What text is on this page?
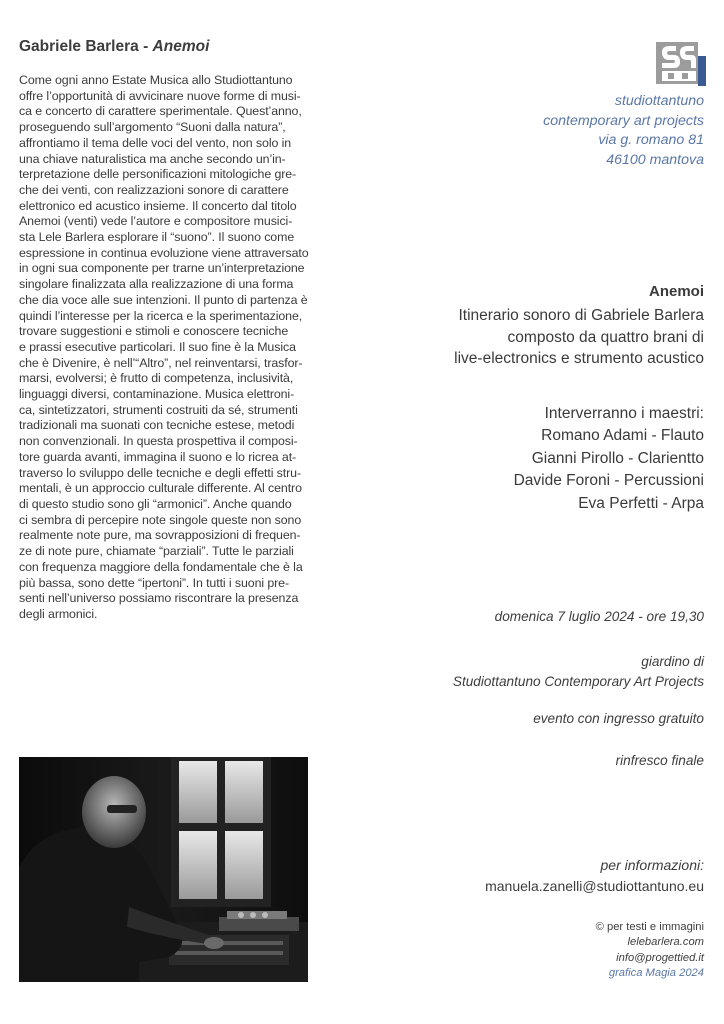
Gabriele Barlera - Anemoi

Come ogni anno Estate Musica allo Studiottantuno
offre l’opportunità di avvicinare nuove forme di musi-
ca e concerto di carattere sperimentale. Quest’anno,
proseguendo sull’argomento “Suoni dalla natura”,
affrontiamo il tema delle voci del vento, non solo in
una chiave naturalistica ma anche secondo un’in-
terpretazione delle personificazioni mitologiche gre-
che dei venti, con realizzazioni sonore di carattere
elettronico ed acustico insieme. Il concerto dal titolo
Anemoi (venti) vede l’autore e compositore musici-
sta Lele Barlera esplorare il “suono”. Il suono come
espressione in continua evoluzione viene attraversato
in ogni sua componente per trarne un’interpretazione
singolare finalizzata alla realizzazione di una forma
che dia voce alle sue intenzioni. Il punto di partenza è
quindi l’interesse per la ricerca e la sperimentazione,
trovare suggestioni e stimoli e conoscere tecniche
e prassi esecutive particolari. Il suo fine è la Musica
che è Divenire, è nell’“Altro”, nel reinventarsi, trasfor-
marsi, evolversi; è frutto di competenza, inclusività,
linguaggi diversi, contaminazione. Musica elettroni-
ca, sintetizzatori, strumenti costruiti da sé, strumenti
tradizionali ma suonati con tecniche estese, metodi
non convenzionali. In questa prospettiva il composi-
tore guarda avanti, immagina il suono e lo ricrea at-
traverso lo sviluppo delle tecniche e degli effetti stru-
mentali, è un approccio culturale differente. Al centro
di questo studio sono gli “armonici”. Anche quando
ci sembra di percepire note singole queste non sono
realmente note pure, ma sovrapposizioni di frequen-
ze di note pure, chiamate “parziali”. Tutte le parziali
con frequenza maggiore della fondamentale che è la
più bassa, sono dette “ipertoni”. In tutti i suoni pre-
senti nell’universo possiamo riscontrare la presenza
degli armonici.

studiottantuno
contemporary art projects
via g. romano 81
46100 mantova
Anemoi
Itinerario sonoro di Gabriele Barlera
composto da quattro brani di
live-electronics e strumento acustico
Interverranno i maestri:
Romano Adami - Flauto
Gianni Pirollo - Clarientto
Davide Foroni - Percussioni
Eva Perfetti - Arpa
domenica 7 luglio 2024 - ore 19,30
giardino di
Studiottantuno Contemporary Art Projects
evento con ingresso gratuito
rinfresco finale
per informazioni:
manuela.zanelli@studiottantuno.eu
© per testi e immagini
lelebarlera.com
info@progettied.it
grafica Magia 2024
